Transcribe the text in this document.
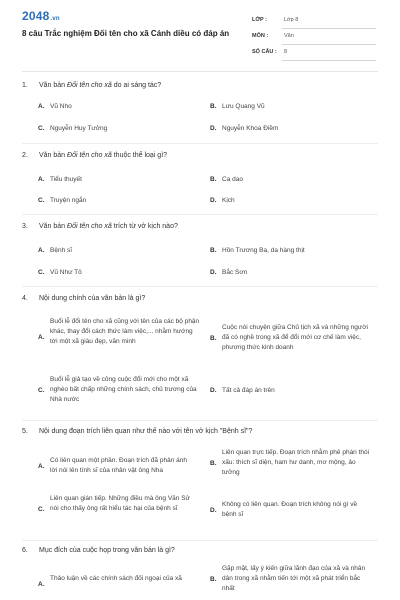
2048.vn
8 câu Trắc nghiệm Đối tên cho xã Cánh diều có đáp án
LỚP :	Lớp 8
MÔN :	Văn
SỐ CÂU : 8
1. Văn bản Đổi tên cho xã do ai sáng tác?
A. Vũ Nho	B. Lưu Quang Vũ
C. Nguyễn Huy Tưởng	D. Nguyễn Khoa Điềm
2. Văn bản Đổi tên cho xã thuộc thể loại gì?
A. Tiểu thuyết	B. Ca dao
C. Truyện ngắn	D. Kịch
3. Văn bản Đổi tên cho xã trích từ vở kịch nào?
A. Bệnh sĩ	B. Hồn Trương Ba, da hàng thịt
C. Vũ Như Tô	D. Bắc Sơn
4. Nội dung chính của văn bản là gì?
A.
Buổi lễ đổi tên cho xã cũng với tên của các bộ phận khác, thay đổi cách thức làm việc,... nhằm hướng tới một xã giàu đẹp, văn minh	B.
Cuộc nói chuyện giữa Chủ tịch xã và những người đã có nghề trong xã để đổi mới cơ chế làm việc, phương thức kinh doanh
C.
Buổi lễ giả tạo về công cuộc đổi mới cho một xã nghèo bất chấp những chính sách, chủ trương của Nhà nước
D. Tất cả đáp án trên
5. Nội dung đoạn trích liên quan như thế nào với tên vở kịch "Bệnh sĩ"?
A.
Có liên quan một phần. Đoạn trích đã phản ánh lời nói lên tính sĩ của nhân vật ông Nha
B.
Liên quan trực tiếp. Đoạn trích nhằm phê phán thói xấu: thích sĩ diện, ham hư danh, mơ mộng, ảo tưởng
C.
Liên quan gián tiếp. Những điều mà ông Văn Sử nói cho thấy ông rất hiểu tác hại của bệnh sĩ	D.
Không có liên quan. Đoạn trích không nói gì về bệnh sĩ
6. Mục đích của cuộc họp trong văn bản là gì?
A.
Thảo luận về các chính sách đối ngoại của xã	B.
Gặp mặt, lấy ý kiến giữa lãnh đạo của xã và nhân dân trong xã nhằm tiến tới một xã phát triển bắc nhất
